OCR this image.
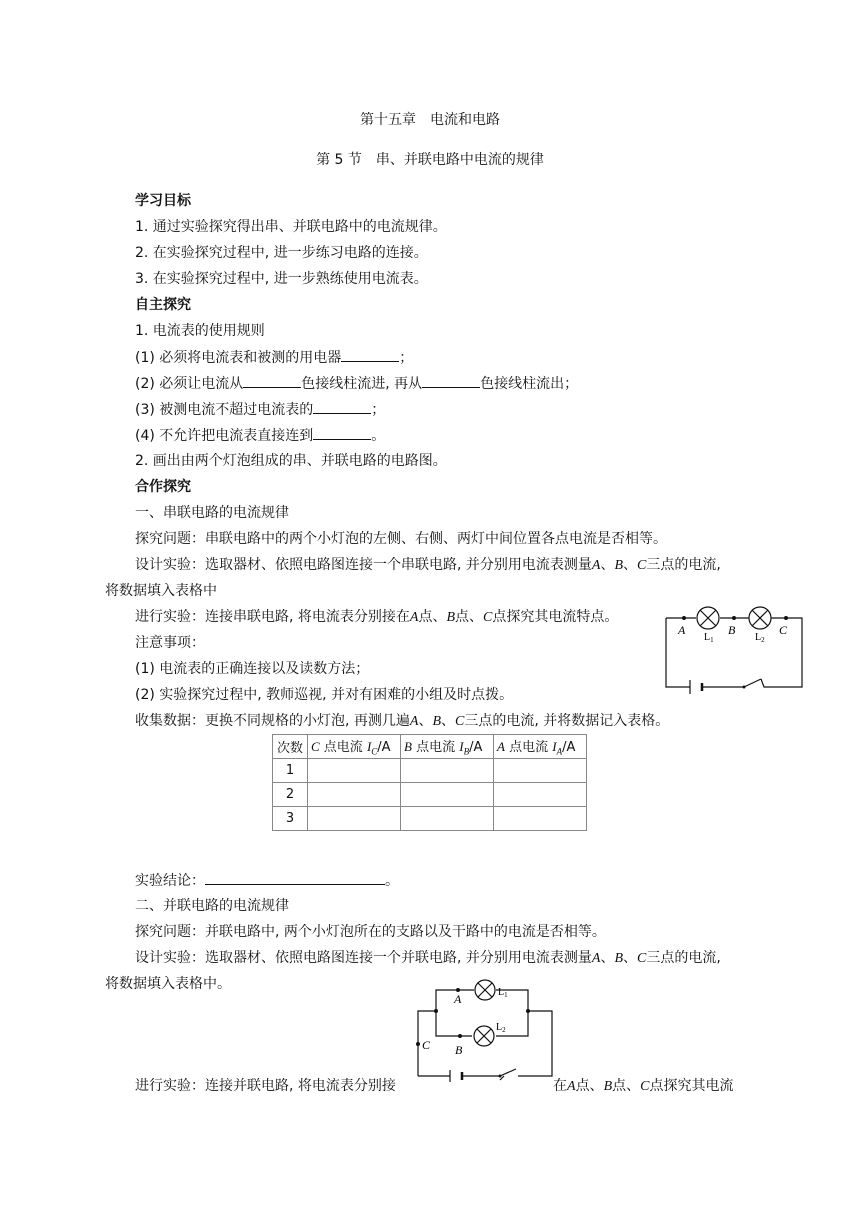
第十五章　电流和电路
第 5 节　串、并联电路中电流的规律
学习目标
1. 通过实验探究得出串、并联电路中的电流规律。
2. 在实验探究过程中, 进一步练习电路的连接。
3. 在实验探究过程中, 进一步熟练使用电流表。
自主探究
1. 电流表的使用规则
(1) 必须将电流表和被测的用电器	；
(2) 必须让电流从	色接线柱流进, 再从	色接线柱流出；
(3) 被测电流不超过电流表的	；
(4) 不允许把电流表直接连到	。
2. 画出由两个灯泡组成的串、并联电路的电路图。
合作探究
一、串联电路的电流规律
探究问题：串联电路中的两个小灯泡的左侧、右侧、两灯中间位置各点电流是否相等。
设计实验：选取器材、依照电路图连接一个串联电路, 并分别用电流表测量A、B、C三点的电流,
将数据填入表格中
进行实验：连接串联电路, 将电流表分别接在A点、B点、C点探究其电流特点。
注意事项：
(1) 电流表的正确连接以及读数方法；
(2) 实验探究过程中, 教师巡视, 并对有困难的小组及时点拨。
收集数据：更换不同规格的小灯泡, 再测几遍A、B、C三点的电流, 并将数据记入表格。
A	B	C
$L_1$	$L_2$
次数	C 点电流 $I_C/A$	B 点电流 $I_B/A$	A 点电流 $I_A/A$
1			
2			
3			
实验结论：	。
二、并联电路的电流规律
探究问题：并联电路中, 两个小灯泡所在的支路以及干路中的电流是否相等。
设计实验：选取器材、依照电路图连接一个并联电路, 并分别用电流表测量A、B、C三点的电流,
将数据填入表格中。
A
B
C
$L_1$
$L_2$
进行实验：连接并联电路, 将电流表分别接	在A点、B点、C点探究其电流
